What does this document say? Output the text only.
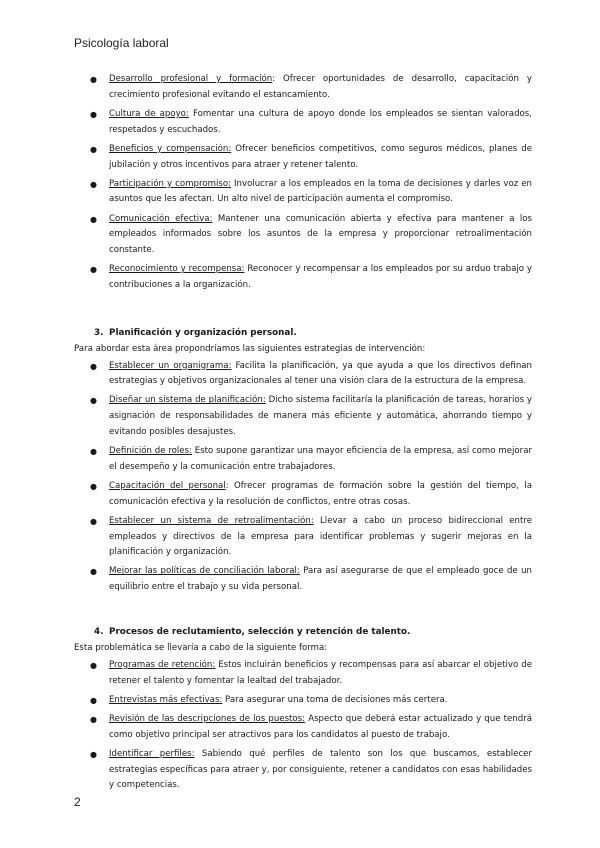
Psicología laboral
● Desarrollo profesional y formación: Ofrecer oportunidades de desarrollo, capacitación y crecimiento profesional evitando el estancamiento.
● Cultura de apoyo: Fomentar una cultura de apoyo donde los empleados se sientan valorados, respetados y escuchados.
● Beneficios y compensación: Ofrecer beneficios competitivos, como seguros médicos, planes de jubilación y otros incentivos para atraer y retener talento.
● Participación y compromiso: Involucrar a los empleados en la toma de decisiones y darles voz en asuntos que les afectan. Un alto nivel de participación aumenta el compromiso.
● Comunicación efectiva: Mantener una comunicación abierta y efectiva para mantener a los empleados informados sobre los asuntos de la empresa y proporcionar retroalimentación constante.
● Reconocimiento y recompensa: Reconocer y recompensar a los empleados por su arduo trabajo y contribuciones a la organización.
3. Planificación y organización personal.

Para abordar esta área propondríamos las siguientes estrategias de intervención:

● Establecer un organigrama: Facilita la planificación, ya que ayuda a que los directivos definan estrategias y objetivos organizacionales al tener una visión clara de la estructura de la empresa.
● Diseñar un sistema de planificación: Dicho sistema facilitaría la planificación de tareas, horarios y asignación de responsabilidades de manera más eficiente y automática, ahorrando tiempo y evitando posibles desajustes.
● Definición de roles: Esto supone garantizar una mayor eficiencia de la empresa, así como mejorar el desempeño y la comunicación entre trabajadores.
● Capacitación del personal: Ofrecer programas de formación sobre la gestión del tiempo, la comunicación efectiva y la resolución de conflictos, entre otras cosas.
● Establecer un sistema de retroalimentación: Llevar a cabo un proceso bidireccional entre empleados y directivos de la empresa para identificar problemas y sugerir mejoras en la planificación y organización.
● Mejorar las políticas de conciliación laboral: Para así asegurarse de que el empleado goce de un equilibrio entre el trabajo y su vida personal.
4. Procesos de reclutamiento, selección y retención de talento.

Esta problemática se llevaría a cabo de la siguiente forma:

● Programas de retención: Estos incluirán beneficios y recompensas para así abarcar el objetivo de retener el talento y fomentar la lealtad del trabajador.
● Entrevistas más efectivas: Para asegurar una toma de decisiones más certera.
● Revisión de las descripciones de los puestos: Aspecto que deberá estar actualizado y que tendrá como objetivo principal ser atractivos para los candidatos al puesto de trabajo.
● Identificar perfiles: Sabiendo qué perfiles de talento son los que buscamos, establecer estrategias específicas para atraer y, por consiguiente, retener a candidatos con esas habilidades y competencias.
2
